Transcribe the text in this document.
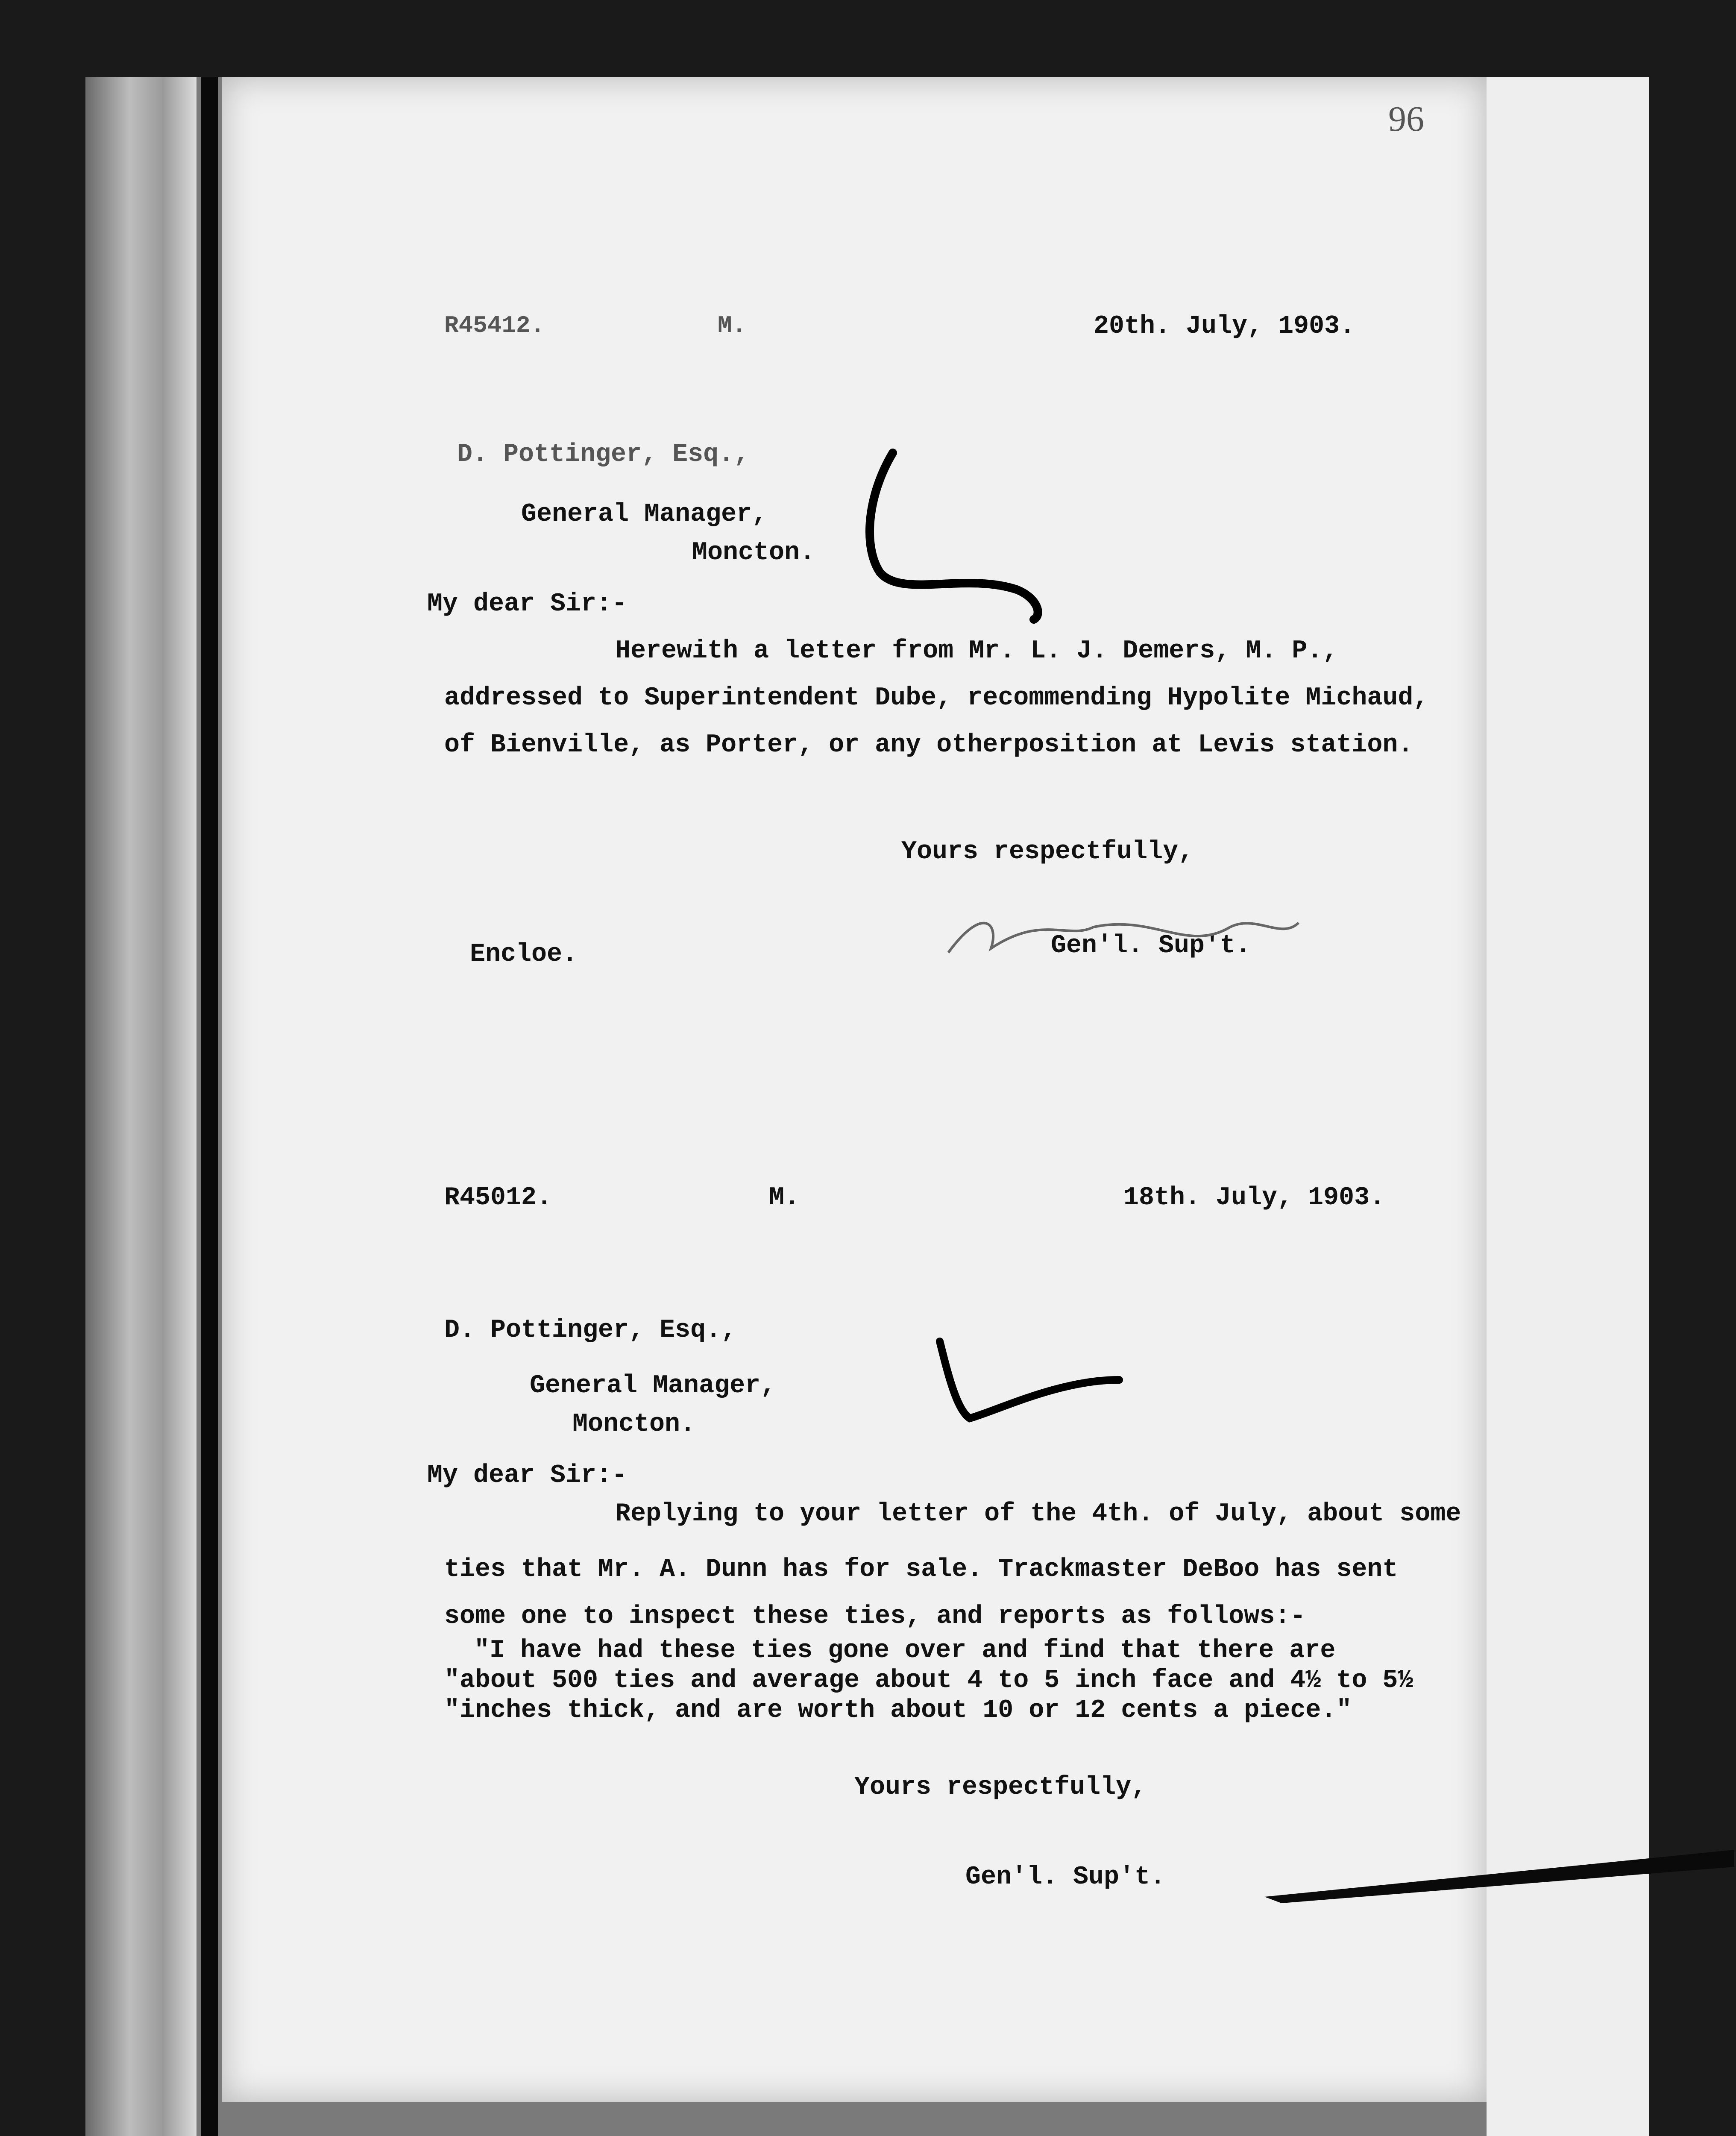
96
R45412.	M.	20th. July, 1903.
D. Pottinger, Esq.,
General Manager,
Moncton.
My dear Sir:-
Herewith a letter from Mr. L. J. Demers, M. P.,
addressed to Superintendent Dube, recommending Hypolite Michaud,
of Bienville, as Porter, or any otherposition at Levis station.
Yours respectfully,
Encloe.	Gen'l. Sup't.
R45012.	M.	18th. July, 1903.
D. Pottinger, Esq.,
General Manager,
Moncton.
My dear Sir:-
Replying to your letter of the 4th. of July, about some
ties that Mr. A. Dunn has for sale. Trackmaster DeBoo has sent
some one to inspect these ties, and reports as follows:-
"I have had these ties gone over and find that there are
"about 500 ties and average about 4 to 5 inch face and 4½ to 5½
"inches thick, and are worth about 10 or 12 cents a piece."
Yours respectfully,
Gen'l. Sup't.
